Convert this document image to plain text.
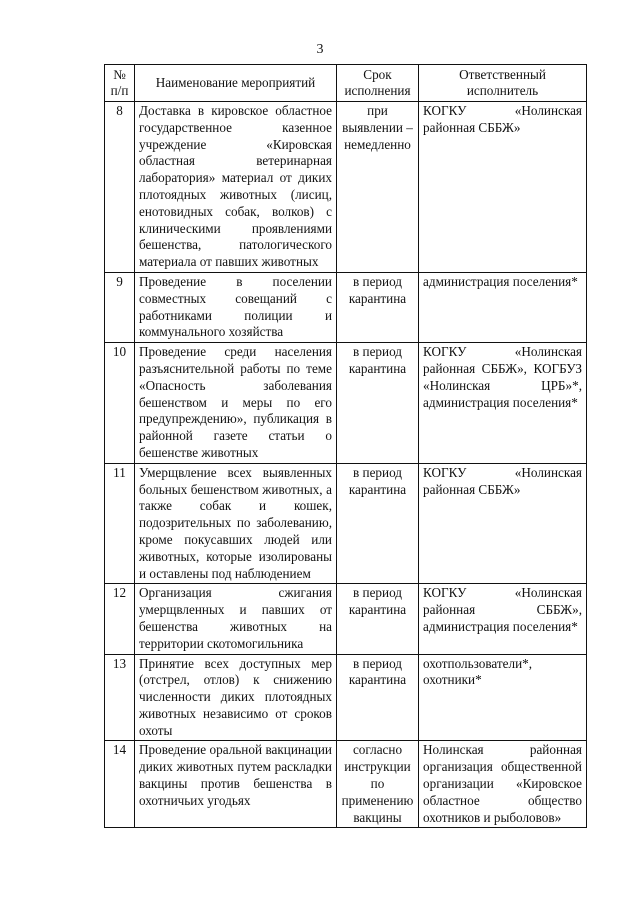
3
№ п/п	Наименование мероприятий	Срок исполнения	Ответственный исполнитель
8	Доставка в кировское областное государственное казенное учреждение «Кировская областная ветеринарная лаборатория» материал от диких плотоядных животных (лисиц, енотовидных собак, волков) с клиническими проявлениями бешенства, патологического материала от павших животных	при выявлении – немедленно	КОГКУ «Нолинская районная СББЖ»
9	Проведение в поселении совместных совещаний с работниками полиции и коммунального хозяйства	в период карантина	администрация поселения*
10	Проведение среди населения разъяснительной работы по теме «Опасность заболевания бешенством и меры по его предупреждению», публикация в районной газете статьи о бешенстве животных	в период карантина	КОГКУ «Нолинская районная СББЖ», КОГБУЗ «Нолинская ЦРБ»*, администрация поселения*
11	Умерщвление всех выявленных больных бешенством животных, а также собак и кошек, подозрительных по заболеванию, кроме покусавших людей или животных, которые изолированы и оставлены под наблюдением	в период карантина	КОГКУ «Нолинская районная СББЖ»
12	Организация сжигания умерщвленных и павших от бешенства животных на территории скотомогильника	в период карантина	КОГКУ «Нолинская районная СББЖ», администрация поселения*
13	Принятие всех доступных мер (отстрел, отлов) к снижению численности диких плотоядных животных независимо от сроков охоты	в период карантина	охотпользователи*, охотники*
14	Проведение оральной вакцинации диких животных путем раскладки вакцины против бешенства в охотничьих угодьях	согласно инструкции по применению вакцины	Нолинская районная организация общественной организации «Кировское областное общество охотников и рыболовов»
